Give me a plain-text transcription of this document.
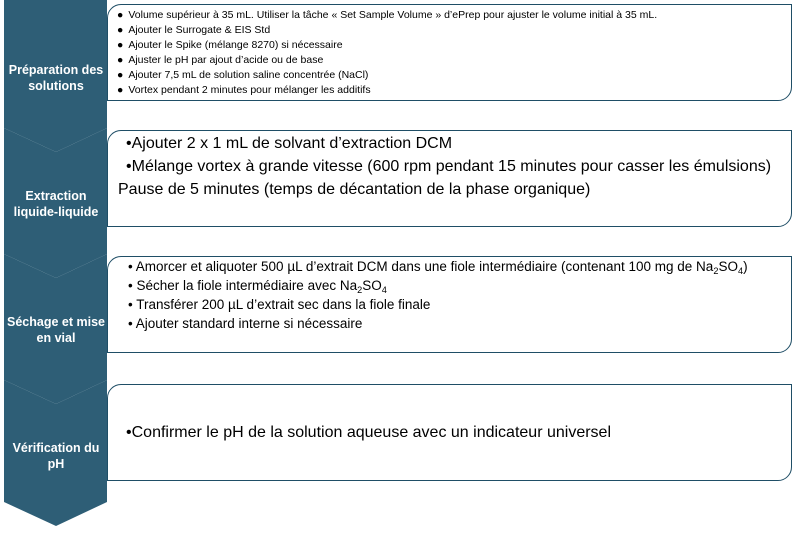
Préparation des solutions
Extraction liquide-liquide
Séchage et mise en vial
Vérification du pH
● Volume supérieur à 35 mL. Utiliser la tâche « Set Sample Volume » d’ePrep pour ajuster le volume initial à 35 mL.
● Ajouter le Surrogate & EIS Std
● Ajouter le Spike (mélange 8270) si nécessaire
● Ajuster le pH par ajout d’acide ou de base
● Ajouter 7,5 mL de solution saline concentrée (NaCl)
● Vortex pendant 2 minutes pour mélanger les additifs
•Ajouter 2 x 1 mL de solvant d’extraction DCM
•Mélange vortex à grande vitesse (600 rpm pendant 15 minutes pour casser les émulsions)
Pause de 5 minutes (temps de décantation de la phase organique)
• Amorcer et aliquoter 500 µL d’extrait DCM dans une fiole intermédiaire (contenant 100 mg de $Na_2SO_4$)
• Sécher la fiole intermédiaire avec $Na_2SO_4$
• Transférer 200 µL d’extrait sec dans la fiole finale
• Ajouter standard interne si nécessaire
•Confirmer le pH de la solution aqueuse avec un indicateur universel
